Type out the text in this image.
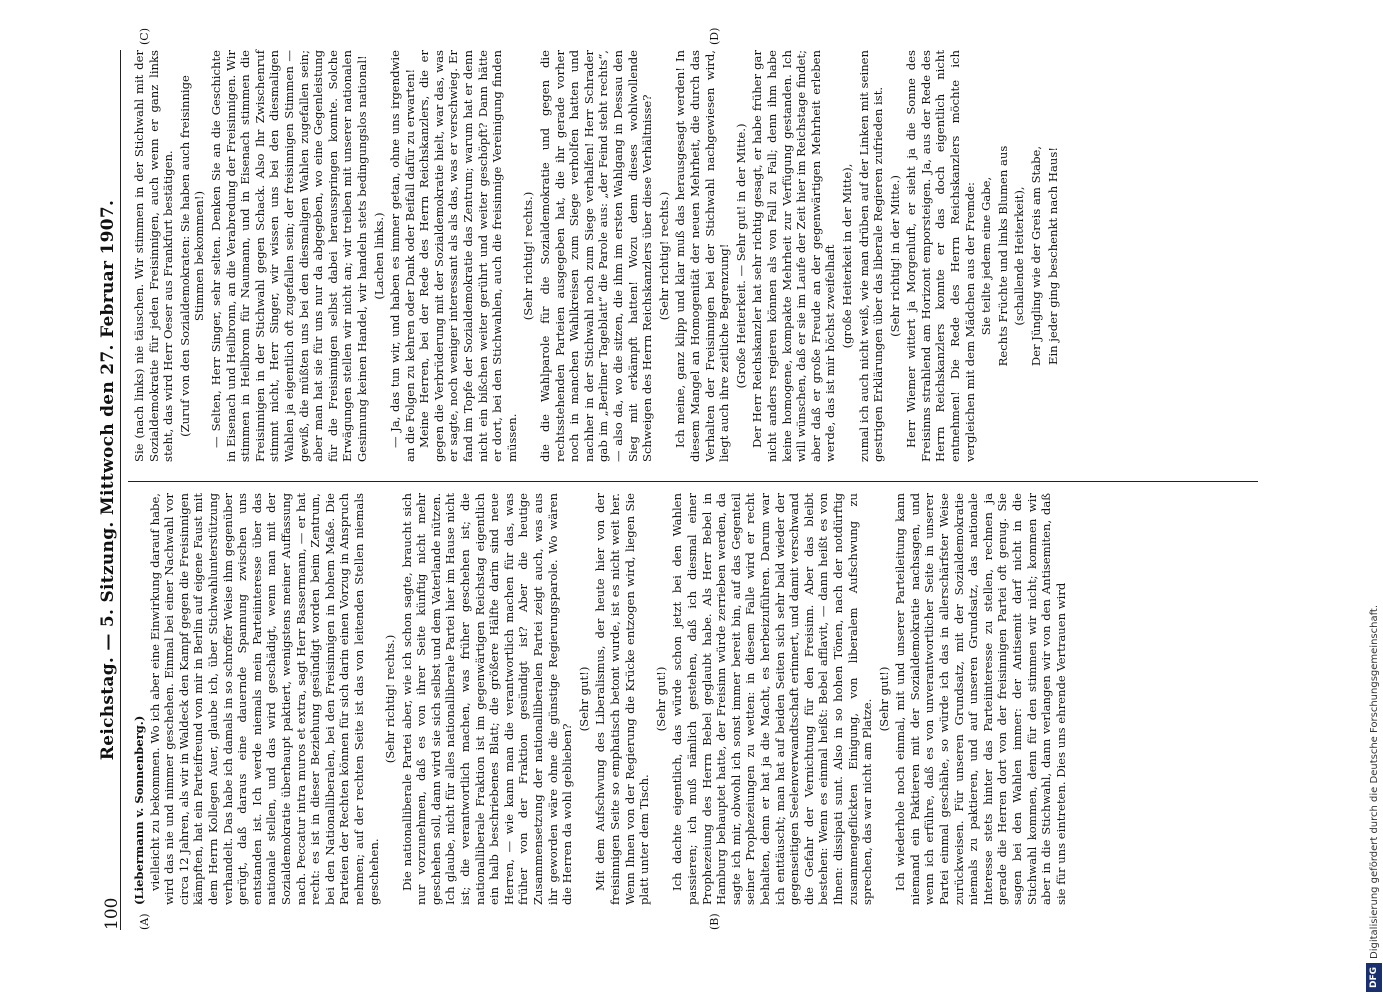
100
Reichstag. — 5. Sitzung. Mittwoch den 27. Februar 1907.
(A)	(B)
(C)	(D)

(Liebermann v. Sonnenberg.) vielleicht zu bekommen. Wo ich aber eine Einwirkung darauf habe, wird das nie und nimmer geschehen. Einmal bei einer Nachwahl vor circa 12 Jahren, als wir in Waldeck den Kampf gegen die Freisinnigen kämpften, hat ein Parteifreund von mir in Berlin auf eigene Faust mit dem Herrn Kollegen Auer, glaube ich, über Stichwahlunterstützung verhandelt. Das habe ich damals in so schroffer Weise ihm gegenüber gerügt, daß daraus eine dauernde Spannung zwischen uns entstanden ist. Ich werde niemals mein Parteiinteresse über das nationale stellen, und das wird geschädigt, wenn man mit der Sozialdemokratie überhaupt paktiert, wenigstens meiner Auffassung nach. Peccatur intra muros et extra, sagt Herr Bassermann, — er hat recht: es ist in dieser Beziehung gesündigt worden beim Zentrum, bei den Nationalliberalen, bei den Freisinnigen in hohem Maße. Die Parteien der Rechten können für sich darin einen Vorzug in Anspruch nehmen; auf der rechten Seite ist das von leitenden Stellen niemals geschehen.

(Sehr richtig! rechts.) Die nationalliberale Partei aber, wie ich schon sagte, braucht sich nur vorzunehmen, daß es von ihrer Seite künftig nicht mehr geschehen soll, dann wird sie sich selbst und dem Vaterlande nützen. Ich glaube, nicht für alles nationalliberale Partei hier im Hause nicht ist; die verantwortlich machen, was früher geschehen ist; die nationalliberale Fraktion ist im gegenwärtigen Reichstag eigentlich ein halb beschriebenes Blatt; die größere Hälfte darin sind neue Herren, — wie kann man die verantwortlich machen für das, was früher von der Fraktion gesündigt ist? Aber die heutige Zusammensetzung der nationalliberalen Partei zeigt auch, was aus ihr geworden wäre ohne die günstige Regierungsparole. Wo wären die Herren da wohl geblieben?

(Sehr gut!) Mit dem Aufschwung des Liberalismus, der heute hier von der freisinnigen Seite so emphatisch betont wurde, ist es nicht weit her. Wenn Ihnen von der Regierung die Krücke entzogen wird, liegen Sie platt unter dem Tisch.

(Sehr gut!) Ich dachte eigentlich, das würde schon jetzt bei den Wahlen passieren; ich muß nämlich gestehen, daß ich diesmal einer Prophezeiung des Herrn Bebel geglaubt habe. Als Herr Bebel in Hamburg behauptet hatte, der Freisinn würde zerrieben werden, da sagte ich mir, obwohl ich sonst immer bereit bin, auf das Gegenteil seiner Prophezeiungen zu wetten: in diesem Falle wird er recht behalten, denn er hat ja die Macht, es herbeizuführen. Darum war ich enttäuscht; man hat auf beiden Seiten sich sehr bald wieder der gegenseitigen Seelenverwandtschaft erinnert, und damit verschwand die Gefahr der Vernichtung für den Freisinn. Aber das bleibt bestehen: Wenn es einmal heißt: Bebel afflavit, — dann heißt es von Ihnen: dissipati sunt. Also in so hohen Tönen, nach der notdürftig zusammengeflickten Einigung, von liberalem Aufschwung zu sprechen, das war nicht am Platze. (Sehr gut!) Ich wiederhole noch einmal, mit und unserer Parteileitung kann niemand ein Paktieren mit der Sozialdemokratie nachsagen, und wenn ich erführe, daß es von unverantwortlicher Seite in unserer Partei einmal geschähe, so würde ich das in allerschärfster Weise zurückweisen. Für unseren Grundsatz, mit der Sozialdemokratie niemals zu paktieren, und auf unseren Grundsatz, das nationale Interesse stets hinter das Parteiinteresse zu stellen, rechnen ja gerade die Herren dort von der freisinnigen Partei oft genug. Sie sagen bei den Wahlen immer: der Antisemit darf nicht in die Stichwahl kommen, denn für den stimmen wir nicht; kommen wir aber in die Stichwahl, dann verlangen wir von den Antisemiten, daß sie für uns eintreten. Dies uns ehrende Vertrauen wird

Sie (nach links) nie täuschen. Wir stimmen in der Stichwahl mit der Sozialdemokratie für jeden Freisinnigen, auch wenn er ganz links steht, das wird Herr Oeser aus Frankfurt bestätigen. (Zuruf von den Sozialdemokraten: Sie haben auch freisinnige Stimmen bekommen!) — Selten, Herr Singer, sehr selten. Denken Sie an die Geschichte in Eisenach und Heilbronn, an die Verabredung der Freisinnigen. Wir stimmen in Heilbronn für Naumann, und in Eisenach stimmen die Freisinnigen in der Stichwahl gegen Schack. Also Ihr Zwischenruf stimmt nicht, Herr Singer, wir wissen uns bei den diesmaligen Wahlen ja eigentlich oft zugefallen sein; der freisinnigen Stimmen — gewiß, die müßten uns bei den diesmaligen Wahlen zugefallen sein; aber man hat sie für uns nur da abgegeben, wo eine Gegenleistung für die Freisinnigen selbst dabei herausspringen konnte. Solche Erwägungen stellen wir nicht an; wir treiben mit unserer nationalen Gesinnung keinen Handel, wir handeln stets bedingungslos national! (Lachen links.) — Ja, das tun wir, und haben es immer getan, ohne uns irgendwie an die Folgen zu kehren oder Dank oder Beifall dafür zu erwarten! Meine Herren, bei der Rede des Herrn Reichskanzlers, die er gegen die Verbrüderung mit der Sozialdemokratie hielt, war das, was er sagte, noch weniger interessant als als das, was er verschwieg. Er fand im Topfe der Sozialdemokratie das Zentrum; warum hat er denn nicht ein bißchen weiter gerührt und weiter geschöpft? Dann hätte er dort, bei den Stichwahlen, auch die freisinnige Vereinigung finden müssen.

(Sehr richtig! rechts.) die die Wahlparole für die Sozialdemokratie und gegen die rechtsstehenden Parteien ausgegeben hat, die ihr gerade vorher noch in manchen Wahlkreisen zum Siege verholfen hatten und nachher in der Stichwahl noch zum Siege verhalfen! Herr Schrader gab im „Berliner Tageblatt“ die Parole aus: „der Feind steht rechts“, — also da, wo die sitzen, die ihm im ersten Wahlgang in Dessau den Sieg mit erkämpft hatten! Wozu denn dieses wohlwollende Schweigen des Herrn Reichskanzlers über diese Verhältnisse? (Sehr richtig! rechts.) Ich meine, ganz klipp und klar muß das herausgesagt werden! In diesem Mangel an Homogenität der neuen Mehrheit, die durch das Verhalten der Freisinnigen bei der Stichwahl nachgewiesen wird, liegt auch ihre zeitliche Begrenzung! (Große Heiterkeit. — Sehr gut! in der Mitte.) Der Herr Reichskanzler hat sehr richtig gesagt, er habe früher gar nicht anders regieren können als von Fall zu Fall; denn ihm habe keine homogene, kompakte Mehrheit zur Verfügung gestanden. Ich will wünschen, daß er sie im Laufe der Zeit hier im Reichstage findet; aber daß er große Freude an der gegenwärtigen Mehrheit erleben werde, das ist mir höchst zweifelhaft (große Heiterkeit in der Mitte), zumal ich auch nicht weiß, wie man drüben auf der Linken mit seinen gestrigen Erklärungen über das liberale Regieren zufrieden ist. (Sehr richtig! in der Mitte.) Herr Wiemer wittert ja Morgenluft, er sieht ja die Sonne des Freisinns strahlend am Horizont emporsteigen. Ja, aus der Rede des Herrn Reichskanzlers konnte er das doch eigentlich nicht entnehmen! Die Rede des Herrn Reichskanzlers möchte ich vergleichen mit dem Mädchen aus der Fremde: Sie teilte jedem eine Gabe, Rechts Früchte und links Blumen aus (schallende Heiterkeit), Der Jüngling wie der Greis am Stabe, Ein jeder ging beschenkt nach Haus!

DFGDigitalisierung gefördert durch die Deutsche Forschungsgemeinschaft.
